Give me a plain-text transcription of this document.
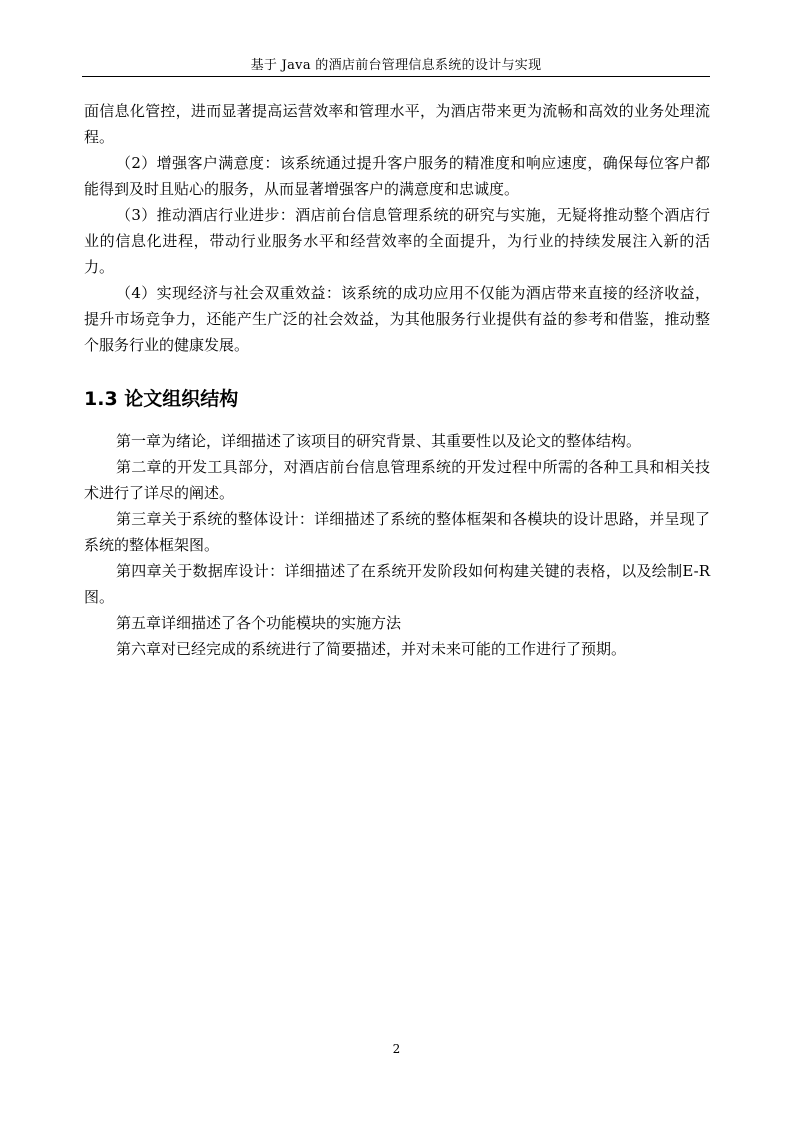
基于 Java 的酒店前台管理信息系统的设计与实现

面信息化管控，进而显著提高运营效率和管理水平，为酒店带来更为流畅和高效的业务处理流程。

（2）增强客户满意度：该系统通过提升客户服务的精准度和响应速度，确保每位客户都能得到及时且贴心的服务，从而显著增强客户的满意度和忠诚度。

（3）推动酒店行业进步：酒店前台信息管理系统的研究与实施，无疑将推动整个酒店行业的信息化进程，带动行业服务水平和经营效率的全面提升，为行业的持续发展注入新的活力。

（4）实现经济与社会双重效益：该系统的成功应用不仅能为酒店带来直接的经济收益，提升市场竞争力，还能产生广泛的社会效益，为其他服务行业提供有益的参考和借鉴，推动整个服务行业的健康发展。

1.3 论文组织结构

第一章为绪论，详细描述了该项目的研究背景、其重要性以及论文的整体结构。

第二章的开发工具部分，对酒店前台信息管理系统的开发过程中所需的各种工具和相关技术进行了详尽的阐述。

第三章关于系统的整体设计：详细描述了系统的整体框架和各模块的设计思路，并呈现了系统的整体框架图。

第四章关于数据库设计：详细描述了在系统开发阶段如何构建关键的表格，以及绘制E-R 图。

第五章详细描述了各个功能模块的实施方法

第六章对已经完成的系统进行了简要描述，并对未来可能的工作进行了预期。

2
